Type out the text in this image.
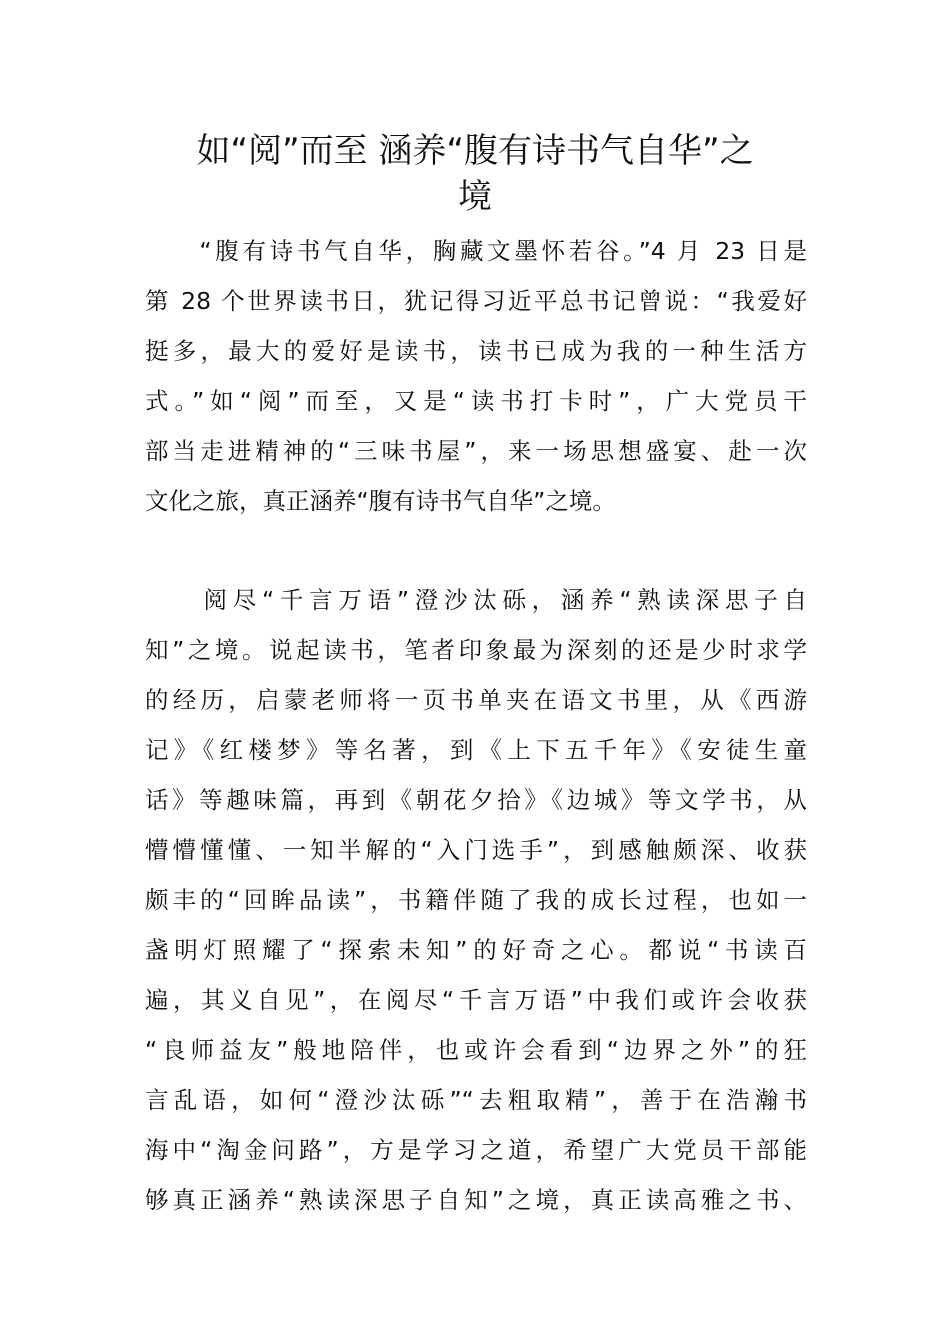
如“阅”而至 涵养“腹有诗书气自华”之
境
　　“腹有诗书气自华，胸藏文墨怀若谷。”4 月 23 日是
第 28 个世界读书日，犹记得习近平总书记曾说：“我爱好
挺多，最大的爱好是读书，读书已成为我的一种生活方
式。”如“阅”而至，又是“读书打卡时”，广大党员干
部当走进精神的“三味书屋”，来一场思想盛宴、赴一次
文化之旅，真正涵养“腹有诗书气自华”之境。
　　阅尽“千言万语”澄沙汰砾，涵养“熟读深思子自
知”之境。说起读书，笔者印象最为深刻的还是少时求学
的经历，启蒙老师将一页书单夹在语文书里，从《西游
记》《红楼梦》等名著，到《上下五千年》《安徒生童
话》等趣味篇，再到《朝花夕拾》《边城》等文学书，从
懵懵懂懂、一知半解的“入门选手”，到感触颇深、收获
颇丰的“回眸品读”，书籍伴随了我的成长过程，也如一
盏明灯照耀了“探索未知”的好奇之心。都说“书读百
遍，其义自见”，在阅尽“千言万语”中我们或许会收获
“良师益友”般地陪伴，也或许会看到“边界之外”的狂
言乱语，如何“澄沙汰砾”“去粗取精”，善于在浩瀚书
海中“淘金问路”，方是学习之道，希望广大党员干部能
够真正涵养“熟读深思子自知”之境，真正读高雅之书、
